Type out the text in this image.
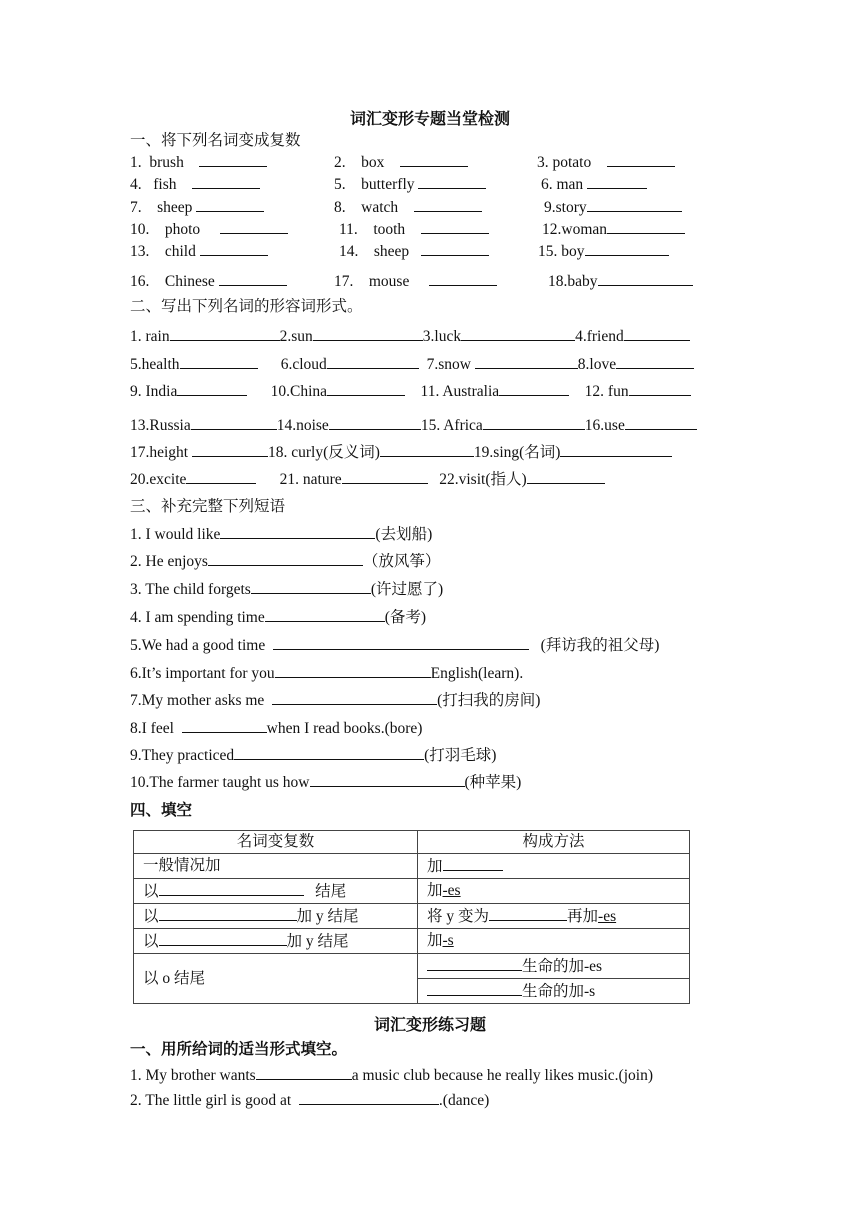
词汇变形专题当堂检测
一、将下列名词变成复数
1. brush	2. box	3. potato
4. fish	5. butterfly	6. man
7. sheep	8. watch	9.story
10. photo	11. tooth	12.woman
13. child	14. sheep	15. boy
16. Chinese	17. mouse	18.baby
二、写出下列名词的形容词形式。
1. rain	2.sun	3.luck	4.friend
5.health	6.cloud	7.snow	8.love
9. India	10.China	11. Australia	12. fun
13.Russia	14.noise	15. Africa	16.use
17.height	18. curly(反义词)	19.sing(名词)
20.excite	21. nature	22.visit(指人)
三、补充完整下列短语
1. I would like	(去划船)
2. He enjoys	（放风筝）
3. The child forgets	(许过愿了)
4. I am spending time	(备考)
5.We had a good time	(拜访我的祖父母)
6.It’s important for you	English(learn).
7.My mother asks me	(打扫我的房间)
8.I feel	when I read books.(bore)
9.They practiced	(打羽毛球)
10.The farmer taught us how	(种苹果)
四、填空
名词变复数	构成方法
一般情况加	加
以 结尾	加-es
以 加 y 结尾	将 y 变为 再加-es
以 加 y 结尾	加-s
以 o 结尾	生命的加-es
	生命的加-s
词汇变形练习题
一、用所给词的适当形式填空。
1. My brother wants	a music club because he really likes music.(join)
2. The little girl is good at	.(dance)
